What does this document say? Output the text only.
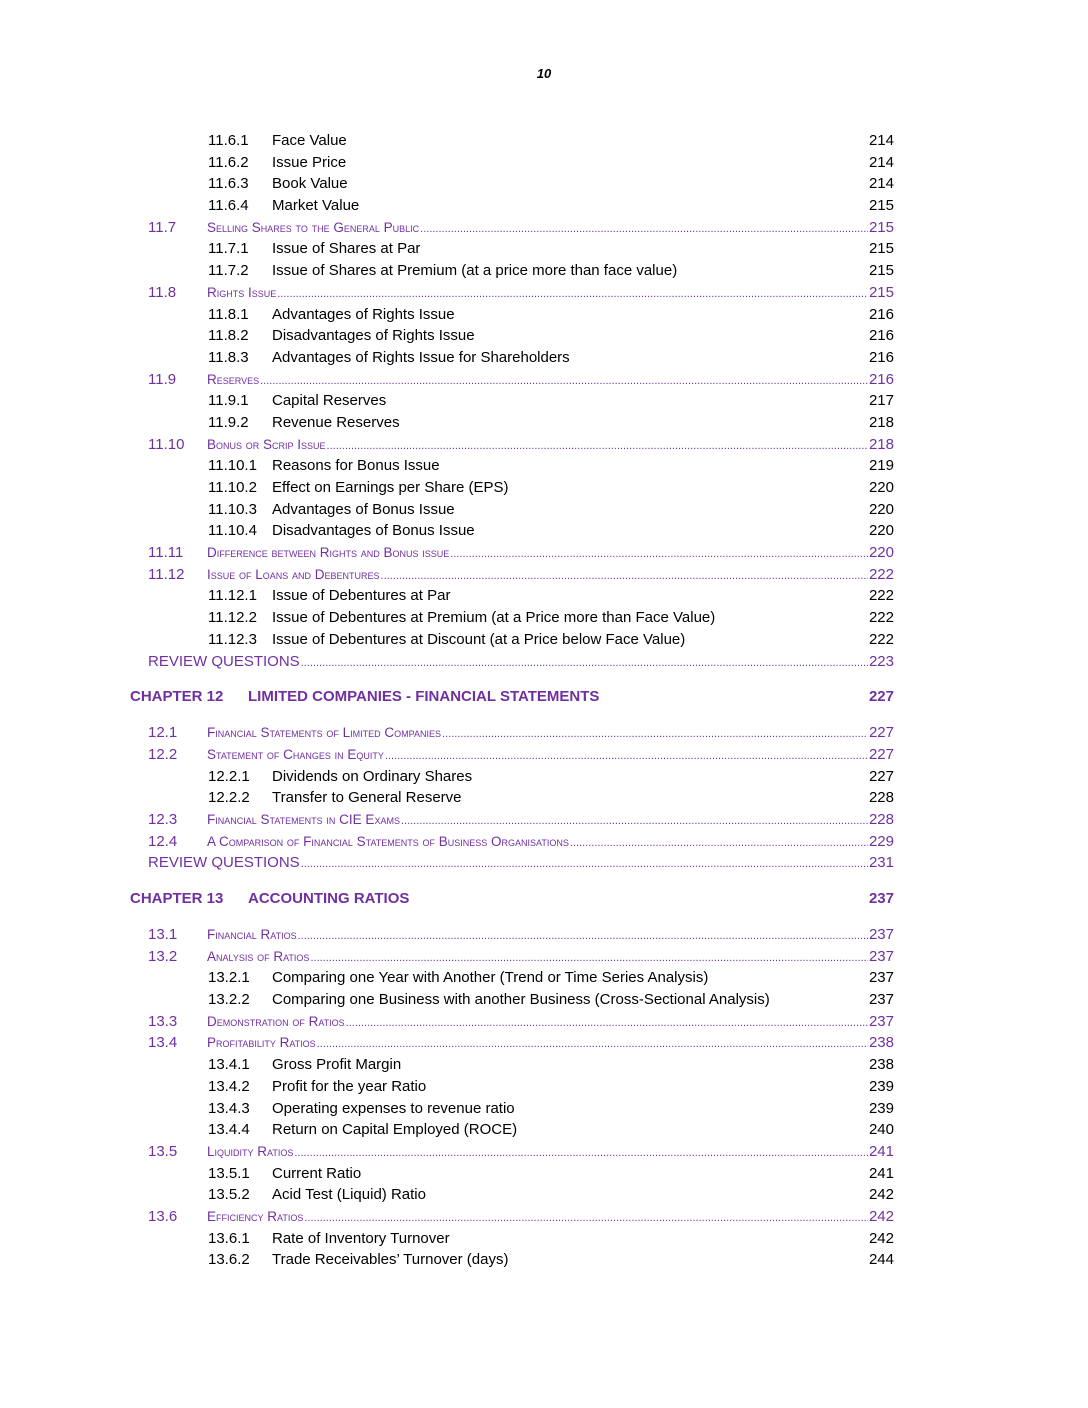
10
11.6.1 Face Value	214
11.6.2 Issue Price	214
11.6.3 Book Value	214
11.6.4 Market Value	215
11.7 Selling Shares to the General Public .....	215
11.7.1 Issue of Shares at Par	215
11.7.2 Issue of Shares at Premium (at a price more than face value)	215
11.8 Rights Issue .....	215
11.8.1 Advantages of Rights Issue	216
11.8.2 Disadvantages of Rights Issue	216
11.8.3 Advantages of Rights Issue for Shareholders	216
11.9 Reserves .....	216
11.9.1 Capital Reserves	217
11.9.2 Revenue Reserves	218
11.10 Bonus or Scrip Issue .....	218
11.10.1 Reasons for Bonus Issue	219
11.10.2 Effect on Earnings per Share (EPS)	220
11.10.3 Advantages of Bonus Issue	220
11.10.4 Disadvantages of Bonus Issue	220
11.11 Difference between Rights and Bonus issue .....	220
11.12 Issue of Loans and Debentures .....	222
11.12.1 Issue of Debentures at Par	222
11.12.2 Issue of Debentures at Premium (at a Price more than Face Value)	222
11.12.3 Issue of Debentures at Discount (at a Price below Face Value)	222
REVIEW QUESTIONS .....	223
CHAPTER 12 LIMITED COMPANIES - FINANCIAL STATEMENTS	227
12.1 Financial Statements of Limited Companies .....	227
12.2 Statement of Changes in Equity .....	227
12.2.1 Dividends on Ordinary Shares	227
12.2.2 Transfer to General Reserve	228
12.3 Financial Statements in CIE Exams .....	228
12.4 A Comparison of Financial Statements of Business Organisations .....	229
REVIEW QUESTIONS .....	231
CHAPTER 13 ACCOUNTING RATIOS	237
13.1 Financial Ratios .....	237
13.2 Analysis of Ratios .....	237
13.2.1 Comparing one Year with Another (Trend or Time Series Analysis)	237
13.2.2 Comparing one Business with another Business (Cross-Sectional Analysis)	237
13.3 Demonstration of Ratios .....	237
13.4 Profitability Ratios .....	238
13.4.1 Gross Profit Margin	238
13.4.2 Profit for the year Ratio	239
13.4.3 Operating expenses to revenue ratio	239
13.4.4 Return on Capital Employed (ROCE)	240
13.5 Liquidity Ratios .....	241
13.5.1 Current Ratio	241
13.5.2 Acid Test (Liquid) Ratio	242
13.6 Efficiency Ratios .....	242
13.6.1 Rate of Inventory Turnover	242
13.6.2 Trade Receivables’ Turnover (days)	244
